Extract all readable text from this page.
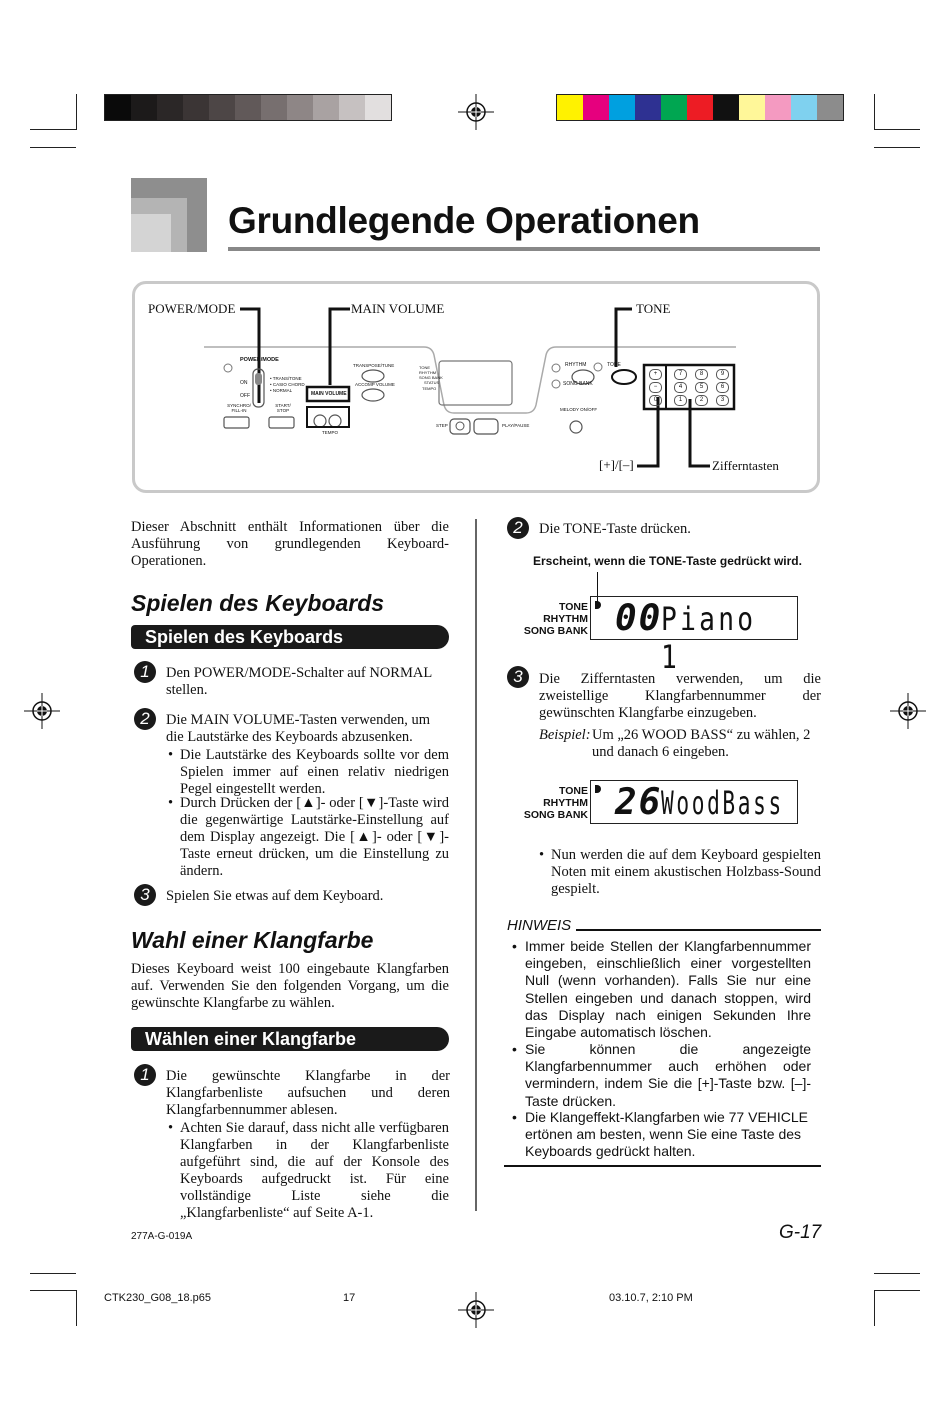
Grundlegende Operationen
POWER/MODE	MAIN VOLUME	TONE
[+]/[–]	Zifferntasten
POWER/MODE
ON
OFF
• TRANS/TONE
• CASIO CHORD
• NORMAL
SYNCHRO/ FILL-IN
START/ STOP
TRANSPOSE/TUNE
ACCOMP VOLUME
MAIN VOLUME
TEMPO
TONE
RHYTHM
SONG BANK
STATUS
TEMPO
STEP	PLAY/PAUSE
MELODY ON/OFF
RHYTHM	TONE
SONG BANK
+	7	8	9
−	4	5	6
0	1	2	3
Dieser Abschnitt enthält Informationen über die Ausführung von grundlegenden Keyboard-Operationen.
Spielen des Keyboards
Spielen des Keyboards
1	Den POWER/MODE-Schalter auf NORMAL stellen.
2	Die MAIN VOLUME-Tasten verwenden, um die Lautstärke des Keyboards abzusenken.
• Die Lautstärke des Keyboards sollte vor dem Spielen immer auf einen relativ niedrigen Pegel eingestellt werden.
• Durch Drücken der [▲]- oder [▼]-Taste wird die gegenwärtige Lautstärke-Einstellung auf dem Display angezeigt. Die [▲]- oder [▼]-Taste erneut drücken, um die Einstellung zu ändern.
3	Spielen Sie etwas auf dem Keyboard.
Wahl einer Klangfarbe
Dieses Keyboard weist 100 eingebaute Klangfarben auf. Verwenden Sie den folgenden Vorgang, um die gewünschte Klangfarbe zu wählen.
Wählen einer Klangfarbe
1	Die gewünschte Klangfarbe in der Klangfarbenliste aufsuchen und deren Klangfarbennummer ablesen.
• Achten Sie darauf, dass nicht alle verfügbaren Klangfarben in der Klangfarbenliste aufgeführt sind, die auf der Konsole des Keyboards aufgedruckt ist. Für eine vollständige Liste siehe die „Klangfarbenliste“ auf Seite A-1.
277A-G-019A
2	Die TONE-Taste drücken.
Erscheint, wenn die TONE-Taste gedrückt wird.
TONE
RHYTHM
SONG BANK 00
Piano 1
3	Die Zifferntasten verwenden, um die zweistellige Klangfarbennummer der gewünschten Klangfarbe einzugeben.
Beispiel: Um „26 WOOD BASS“ zu wählen, 2 und danach 6 eingeben.
TONE
RHYTHM
SONG BANK 26
WoodBass
• Nun werden die auf dem Keyboard gespielten Noten mit einem akustischen Holzbass-Sound gespielt.
HINWEIS
• Immer beide Stellen der Klangfarbennummer eingeben, einschließlich einer vorgestellten Null (wenn vorhanden). Falls Sie nur eine Stellen eingeben und danach stoppen, wird das Display nach einigen Sekunden Ihre Eingabe automatisch löschen.
• Sie können die angezeigte Klangfarbennummer auch erhöhen oder vermindern, indem Sie die [+]-Taste bzw. [–]-Taste drücken.
• Die Klangeffekt-Klangfarben wie 77 VEHICLE ertönen am besten, wenn Sie eine Taste des Keyboards gedrückt halten.
G-17
CTK230_G08_18.p65	17	03.10.7, 2:10 PM
